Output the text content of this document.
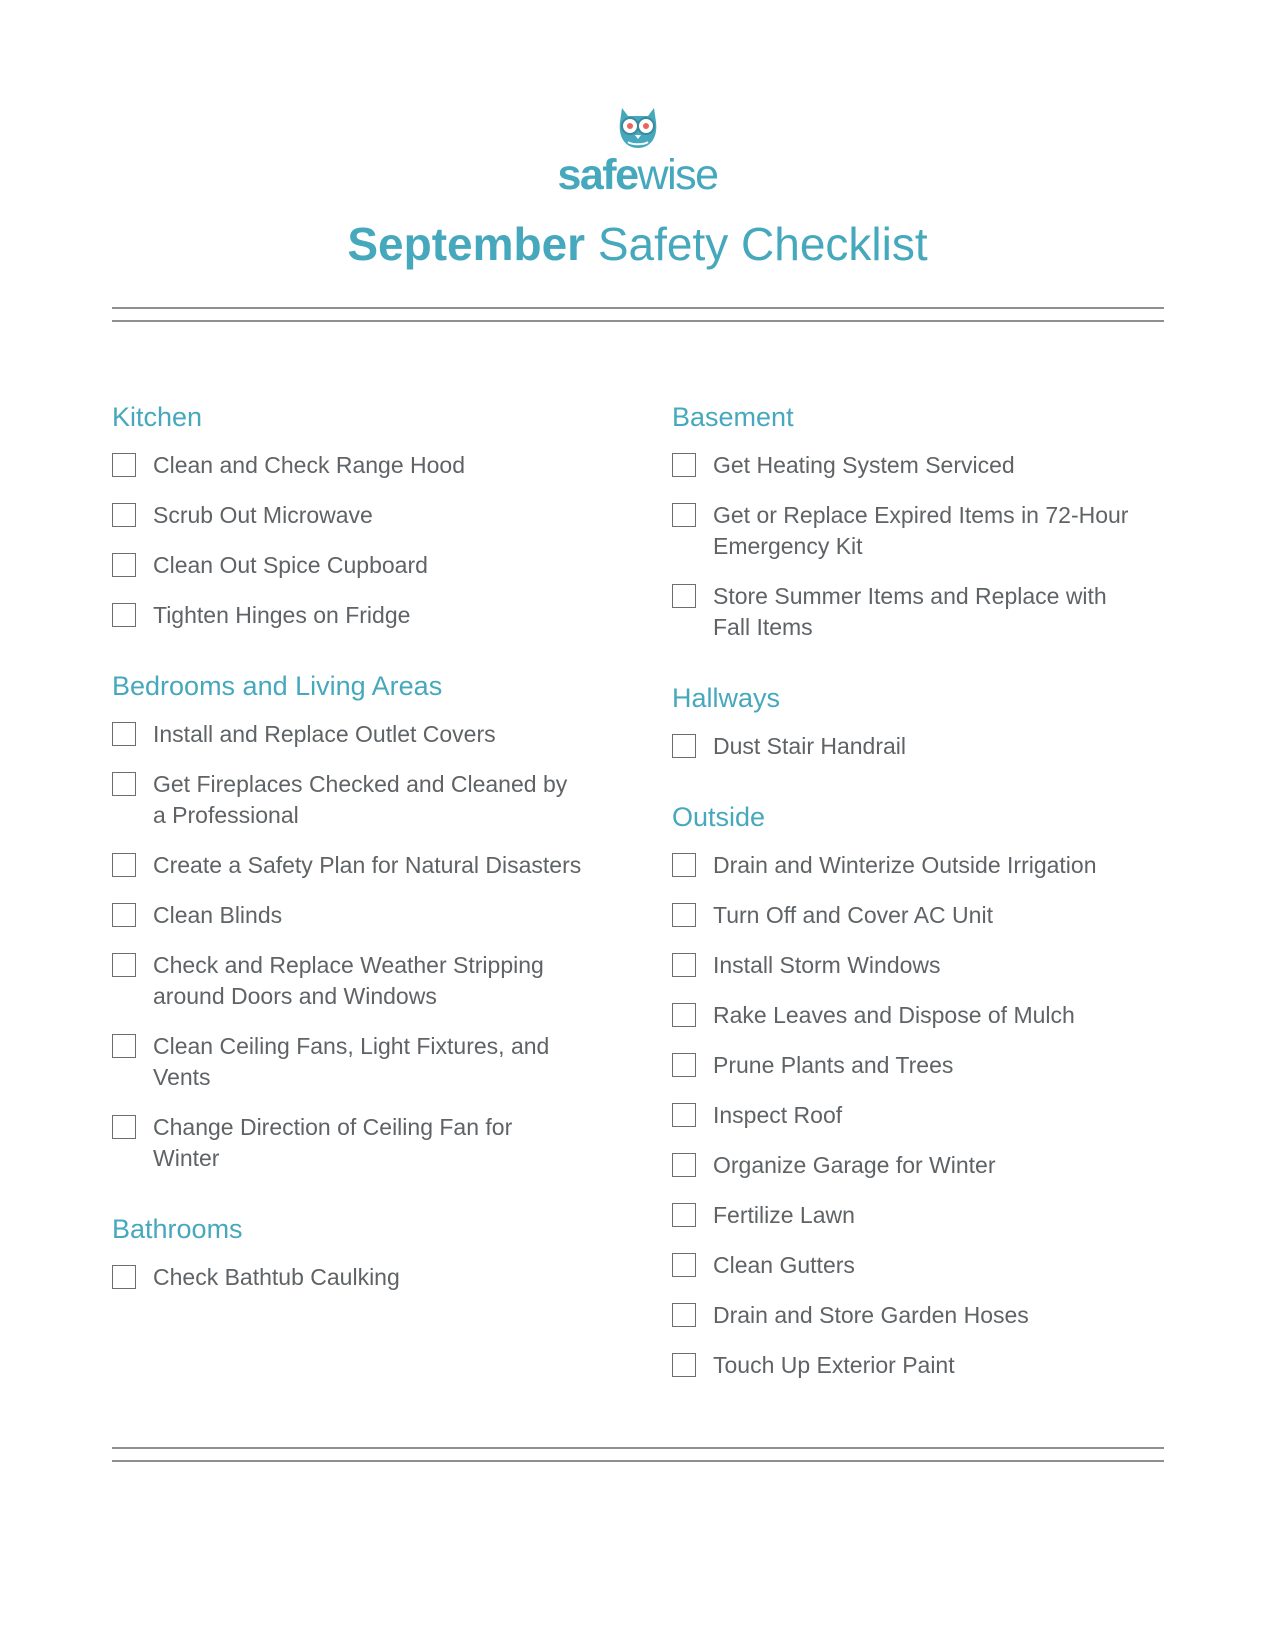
safewise
September Safety Checklist
Kitchen
Clean and Check Range Hood
Scrub Out Microwave
Clean Out Spice Cupboard
Tighten Hinges on Fridge
Bedrooms and Living Areas
Install and Replace Outlet Covers
Get Fireplaces Checked and Cleaned by a Professional
Create a Safety Plan for Natural Disasters
Clean Blinds
Check and Replace Weather Stripping around Doors and Windows
Clean Ceiling Fans, Light Fixtures, and Vents
Change Direction of Ceiling Fan for Winter
Bathrooms
Check Bathtub Caulking
Basement
Get Heating System Serviced
Get or Replace Expired Items in 72-Hour Emergency Kit
Store Summer Items and Replace with Fall Items
Hallways
Dust Stair Handrail
Outside
Drain and Winterize Outside Irrigation
Turn Off and Cover AC Unit
Install Storm Windows
Rake Leaves and Dispose of Mulch
Prune Plants and Trees
Inspect Roof
Organize Garage for Winter
Fertilize Lawn
Clean Gutters
Drain and Store Garden Hoses
Touch Up Exterior Paint
